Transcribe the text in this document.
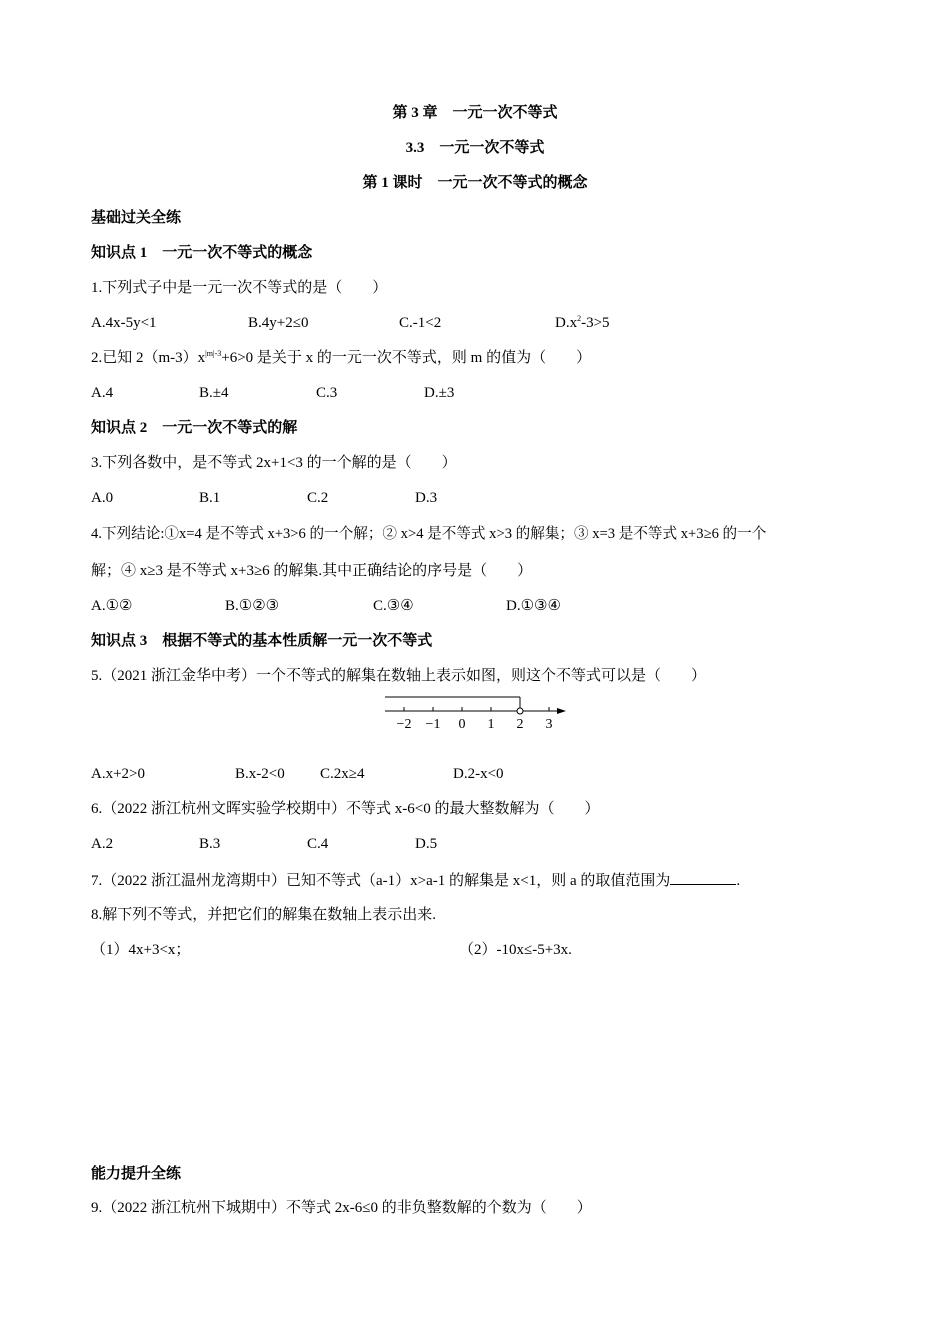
第 3 章　一元一次不等式
3.3　一元一次不等式
第 1 课时　一元一次不等式的概念
基础过关全练
知识点 1　一元一次不等式的概念
1.下列式子中是一元一次不等式的是（　　）
A.4x-5y<1	B.4y+2≤0	C.-1<2	$D.x^2-3>5$
2.已知 $2(m-3)x^{|m|-3}+6>0$ 是关于 x 的一元一次不等式，则 m 的值为（　　）
A.4	B.±4	C.3	D.±3
知识点 2　一元一次不等式的解
3.下列各数中，是不等式 2x+1<3 的一个解的是（　　）
A.0	B.1	C.2	D.3
4.下列结论:①x=4 是不等式 x+3>6 的一个解；② x>4 是不等式 x>3 的解集；③ x=3 是不等式 x+3≥6 的一个
解；④ x≥3 是不等式 x+3≥6 的解集.其中正确结论的序号是（　　）
A.①②	B.①②③	C.③④	D.①③④
知识点 3　根据不等式的基本性质解一元一次不等式
5.（2021 浙江金华中考）一个不等式的解集在数轴上表示如图，则这个不等式可以是（　　）
−2 −1 0 1 2 3
A.x+2>0	B.x-2<0 C.2x≥4	D.2-x<0
6.（2022 浙江杭州文晖实验学校期中）不等式 x-6<0 的最大整数解为（　　）
A.2	B.3	C.4	D.5
7.（2022 浙江温州龙湾期中）已知不等式（a-1）x>a-1 的解集是 x<1，则 a 的取值范围为	.
8.解下列不等式，并把它们的解集在数轴上表示出来.
（1）4x+3<x；	（2）-10x≤-5+3x.
能力提升全练
9.（2022 浙江杭州下城期中）不等式 2x-6≤0 的非负整数解的个数为（　　）
